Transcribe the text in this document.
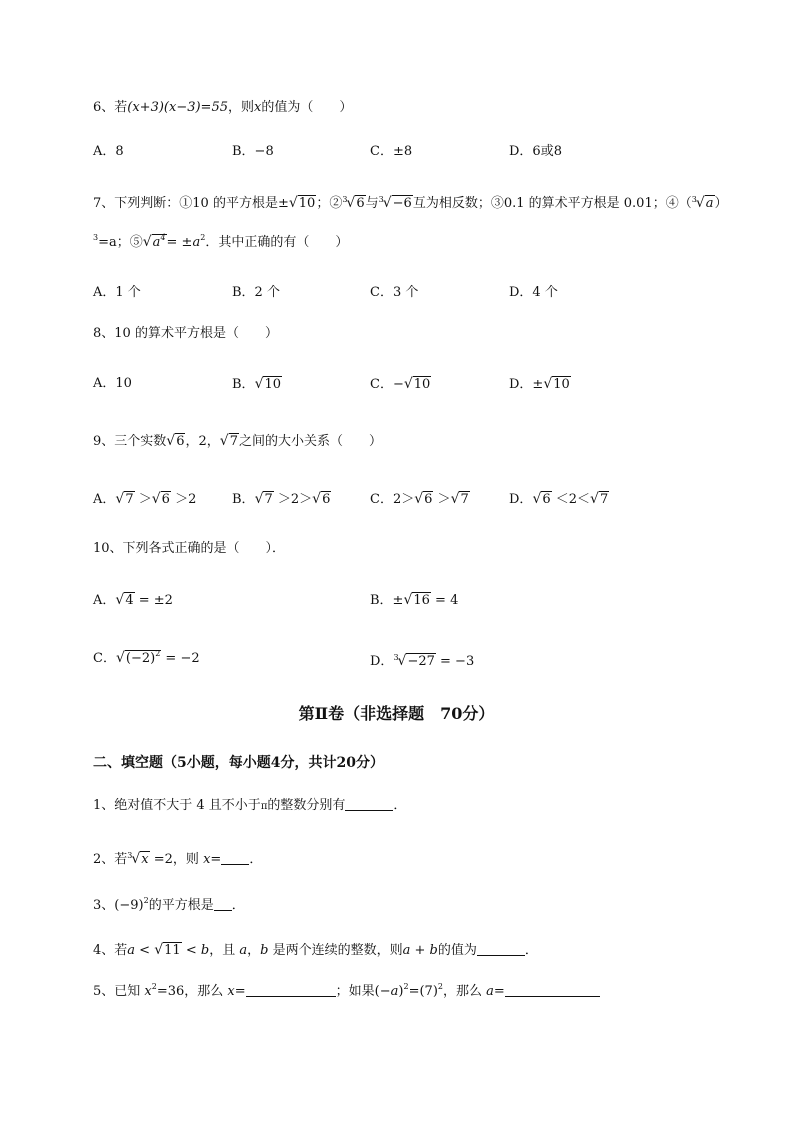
6、若(x+3)(x−3)=55，则x的值为（　　）
A．8	B．−8	C．±8	D．6或8
7、下列判断：①10 的平方根是±√10；②$^3$√6与$^3$√−6互为相反数；③0.1 的算术平方根是 0.01；④（$^3$√a）
$^3$=a；$⑤√a^4= \pm a^2$．其中正确的有（　　）
A．1 个	B．2 个	C．3 个	D．4 个
8、10 的算术平方根是（　　）
A．10	B．√10	C．−√10	D．±√10
9、三个实数√6，2，√7之间的大小关系（　　）
A．√7 ＞√6 ＞2	B．√7 ＞2＞√6	C．2＞√6 ＞√7	D．√6 ＜2＜√7
10、下列各式正确的是（　　）．
A．√4 = ±2	B．±√16 = 4
C．$√(-2)^2 = -2$	D．$^3$√−27 = −3
第Ⅱ卷（非选择题　70分）
二、填空题（5小题，每小题4分，共计20分）
1、绝对值不大于 4 且不小于π的整数分别有	．
2、若$^3$√x =2，则 x= ．
3、$(-9)^2$的平方根是 ．
4、若a < √11 < b，且 a，b 是两个连续的整数，则a + b的值为	．
5、已知 $x^2=36$，那么 x=	；如果$(-a)^2=(7)^2$，那么 a=
